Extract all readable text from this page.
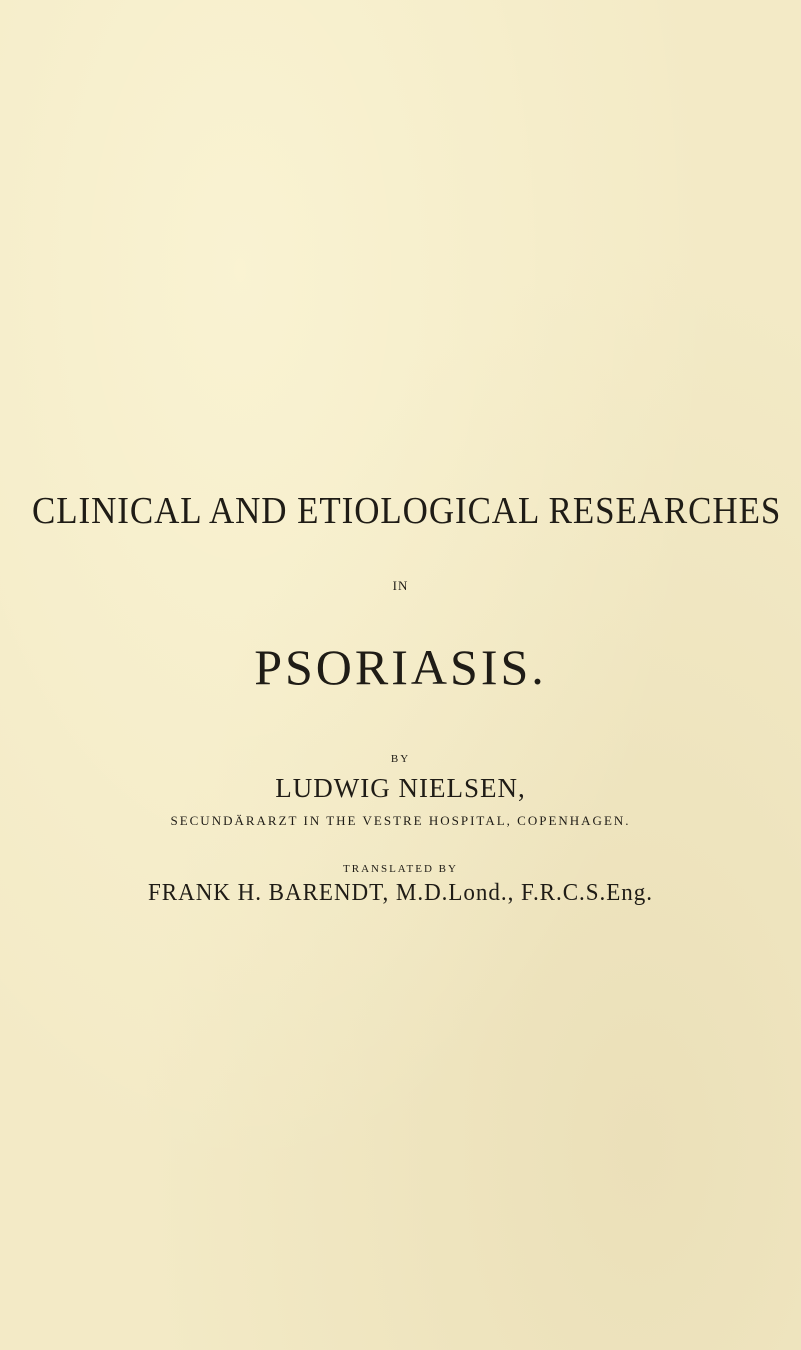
CLINICAL AND ETIOLOGICAL RESEARCHES
IN
PSORIASIS.
BY
LUDWIG NIELSEN,
SECUNDÄRARZT IN THE VESTRE HOSPITAL, COPENHAGEN.
TRANSLATED BY
FRANK H. BARENDT, M.D.Lond., F.R.C.S.Eng.
